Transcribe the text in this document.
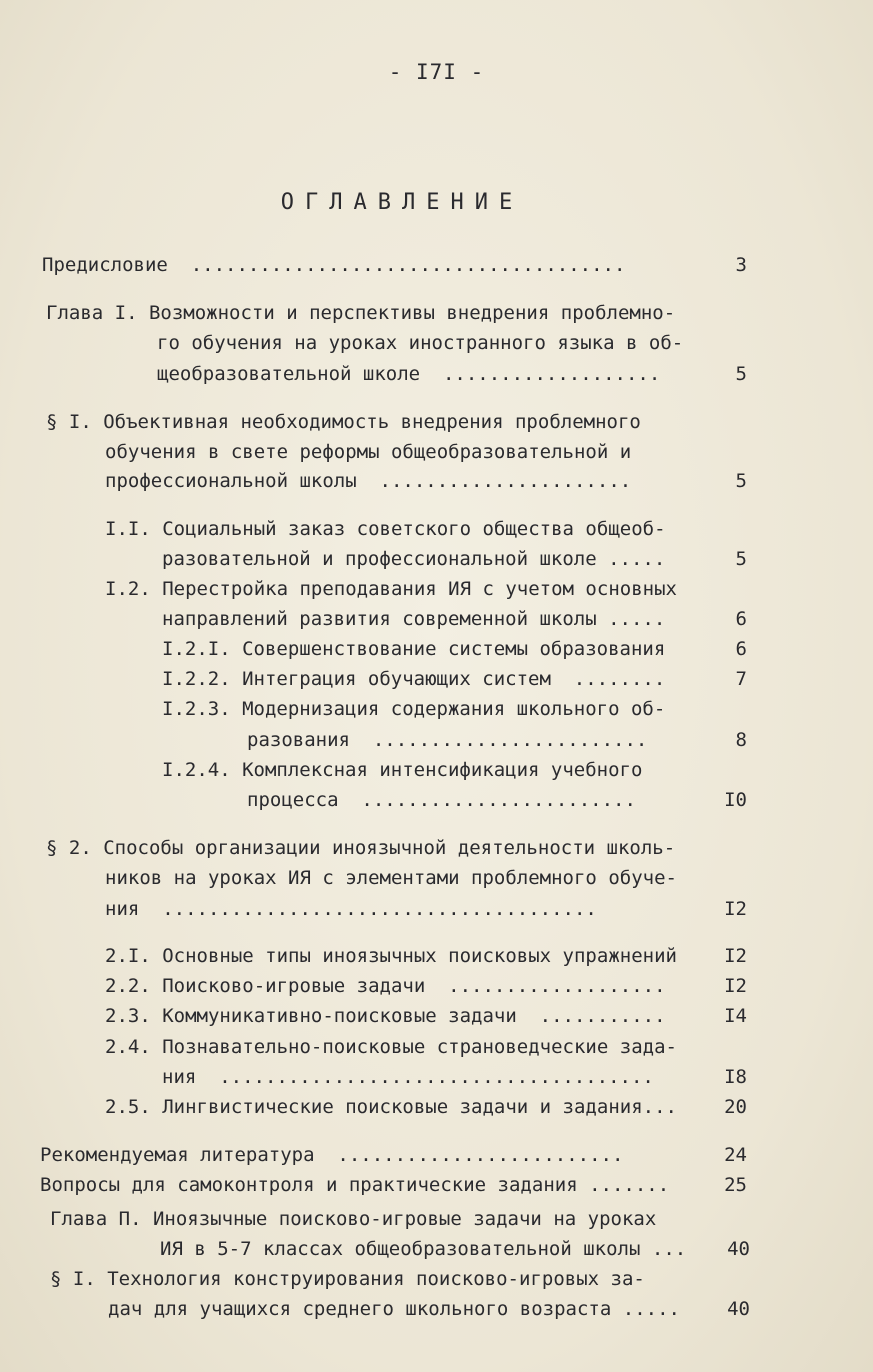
- I7I -
ОГЛАВЛЕНИЕ
Предисловие  ......................................	3
Глава I. Возможности и перспективы внедрения проблемно-
го обучения на уроках иностранного языка в об-
щеобразовательной школе  ...................	5
§ I. Объективная необходимость внедрения проблемного
обучения в свете реформы общеобразовательной и
профессиональной школы  ......................	5
I.I. Социальный заказ советского общества общеоб-
разовательной и профессиональной школе .....	5
I.2. Перестройка преподавания ИЯ с учетом основных
направлений развития современной школы .....	6
I.2.I. Совершенствование системы образования	6
I.2.2. Интеграция обучающих систем  ........	7
I.2.3. Модернизация содержания школьного об-
разования  ........................	8
I.2.4. Комплексная интенсификация учебного
процесса  ........................	I0
§ 2. Способы организации иноязычной деятельности школь-
ников на уроках ИЯ с элементами проблемного обуче-
ния  ......................................	I2
2.I. Основные типы иноязычных поисковых упражнений	I2
2.2. Поисково-игровые задачи  ...................	I2
2.3. Коммуникативно-поисковые задачи  ...........	I4
2.4. Познавательно-поисковые страноведческие зада-
ния  ......................................	I8
2.5. Лингвистические поисковые задачи и задания...	20
Рекомендуемая литература  .........................	24
Вопросы для самоконтроля и практические задания .......	25
Глава П. Иноязычные поисково-игровые задачи на уроках
ИЯ в 5-7 классах общеобразовательной школы ...	40
§ I. Технология конструирования поисково-игровых за-
дач для учащихся среднего школьного возраста .....	40
